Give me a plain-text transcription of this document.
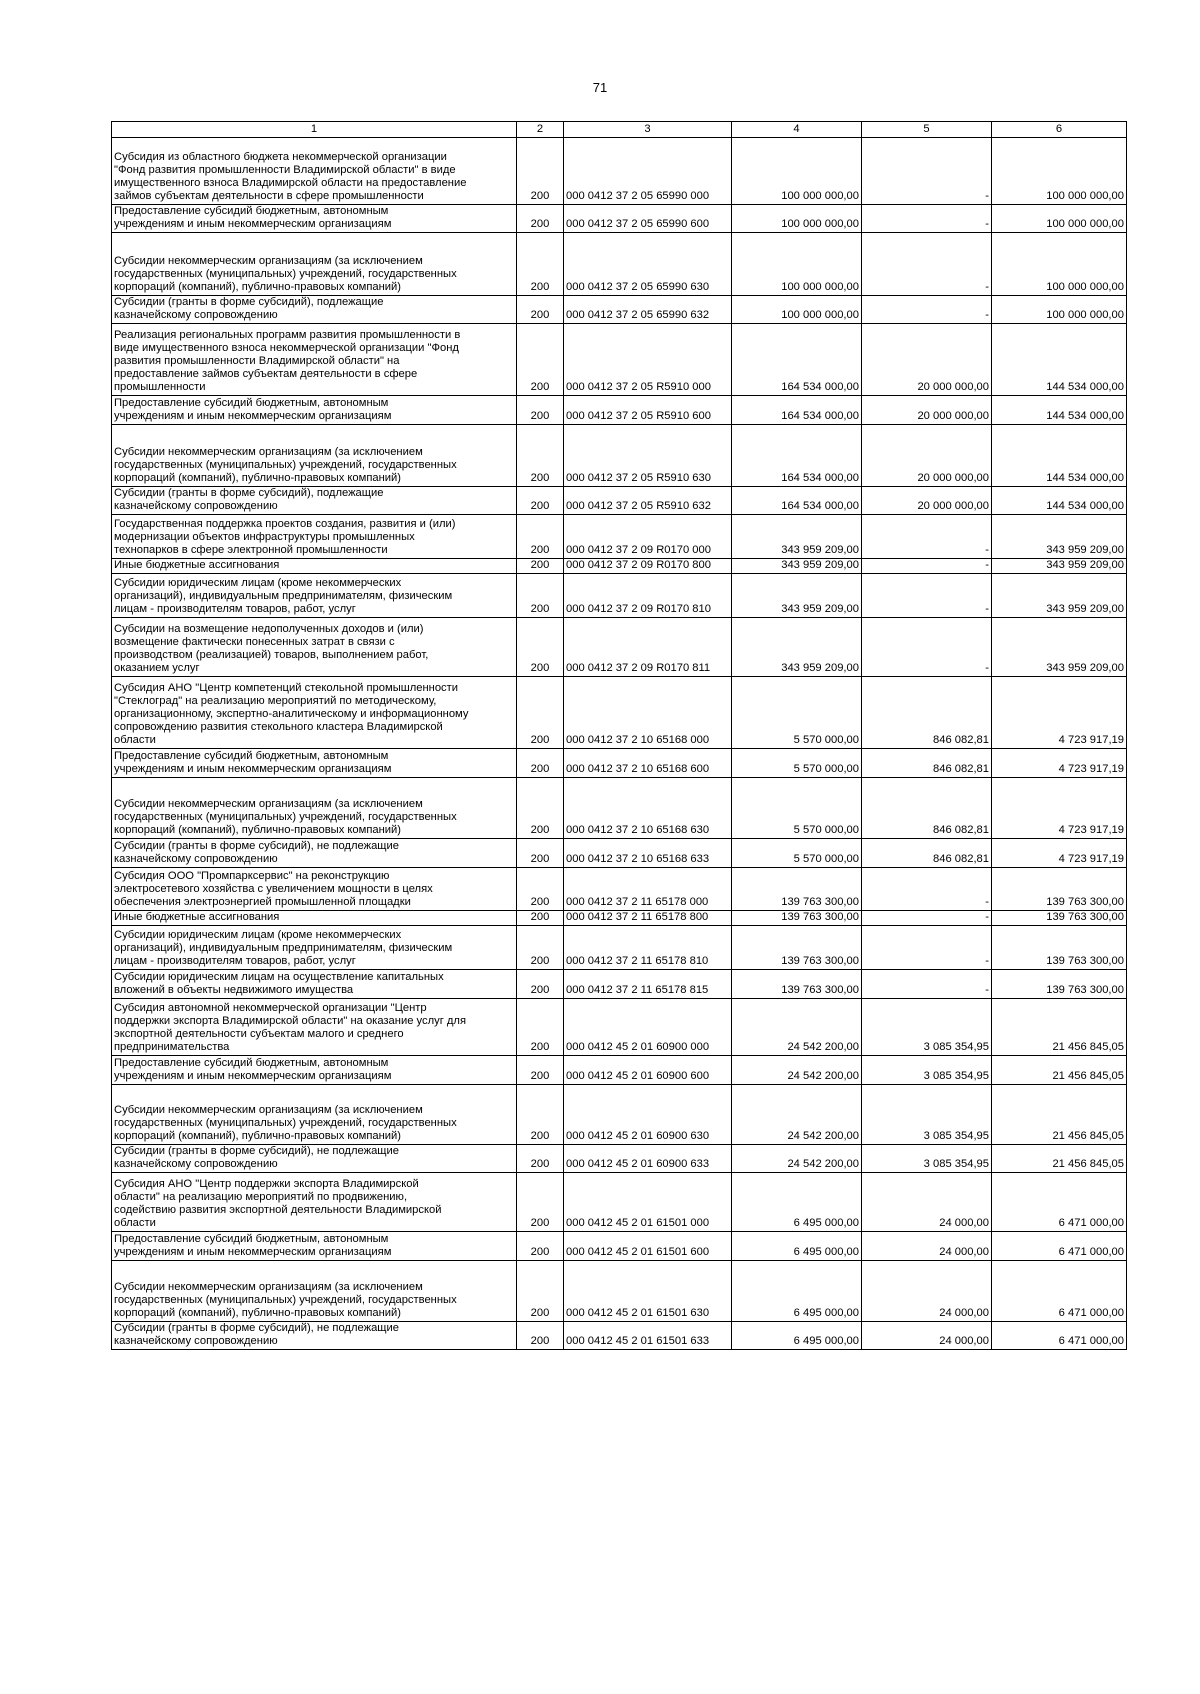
71
1	2	3	4	5	6
Субсидия из областного бюджета некоммерческой организации
"Фонд развития промышленности Владимирской области" в виде
имущественного взноса Владимирской области на предоставление
займов субъектам деятельности в сфере промышленности	200	000 0412 37 2 05 65990 000	100 000 000,00	-	100 000 000,00
Предоставление субсидий бюджетным, автономным
учреждениям и иным некоммерческим организациям	200	000 0412 37 2 05 65990 600	100 000 000,00	-	100 000 000,00
Субсидии некоммерческим организациям (за исключением
государственных (муниципальных) учреждений, государственных
корпораций (компаний), публично-правовых компаний)	200	000 0412 37 2 05 65990 630	100 000 000,00	-	100 000 000,00
Субсидии (гранты в форме субсидий), подлежащие
казначейскому сопровождению	200	000 0412 37 2 05 65990 632	100 000 000,00	-	100 000 000,00
Реализация региональных программ развития промышленности в
виде имущественного взноса некоммерческой организации "Фонд
развития промышленности Владимирской области" на
предоставление займов субъектам деятельности в сфере
промышленности	200	000 0412 37 2 05 R5910 000	164 534 000,00	20 000 000,00	144 534 000,00
Предоставление субсидий бюджетным, автономным
учреждениям и иным некоммерческим организациям	200	000 0412 37 2 05 R5910 600	164 534 000,00	20 000 000,00	144 534 000,00
Субсидии некоммерческим организациям (за исключением
государственных (муниципальных) учреждений, государственных
корпораций (компаний), публично-правовых компаний)	200	000 0412 37 2 05 R5910 630	164 534 000,00	20 000 000,00	144 534 000,00
Субсидии (гранты в форме субсидий), подлежащие
казначейскому сопровождению	200	000 0412 37 2 05 R5910 632	164 534 000,00	20 000 000,00	144 534 000,00
Государственная поддержка проектов создания, развития и (или)
модернизации объектов инфраструктуры промышленных
технопарков в сфере электронной промышленности	200	000 0412 37 2 09 R0170 000	343 959 209,00	-	343 959 209,00
Иные бюджетные ассигнования	200	000 0412 37 2 09 R0170 800	343 959 209,00	-	343 959 209,00
Субсидии юридическим лицам (кроме некоммерческих
организаций), индивидуальным предпринимателям, физическим
лицам - производителям товаров, работ, услуг	200	000 0412 37 2 09 R0170 810	343 959 209,00	-	343 959 209,00
Субсидии на возмещение недополученных доходов и (или)
возмещение фактически понесенных затрат в связи с
производством (реализацией) товаров, выполнением работ,
оказанием услуг	200	000 0412 37 2 09 R0170 811	343 959 209,00	-	343 959 209,00
Субсидия АНО "Центр компетенций стекольной промышленности
"Стеклоград" на реализацию мероприятий по методическому,
организационному, экспертно-аналитическому и информационному
сопровождению развития стекольного кластера Владимирской
области	200	000 0412 37 2 10 65168 000	5 570 000,00	846 082,81	4 723 917,19
Предоставление субсидий бюджетным, автономным
учреждениям и иным некоммерческим организациям	200	000 0412 37 2 10 65168 600	5 570 000,00	846 082,81	4 723 917,19
Субсидии некоммерческим организациям (за исключением
государственных (муниципальных) учреждений, государственных
корпораций (компаний), публично-правовых компаний)	200	000 0412 37 2 10 65168 630	5 570 000,00	846 082,81	4 723 917,19
Субсидии (гранты в форме субсидий), не подлежащие
казначейскому сопровождению	200	000 0412 37 2 10 65168 633	5 570 000,00	846 082,81	4 723 917,19
Субсидия ООО "Промпарксервис" на реконструкцию
электросетевого хозяйства с увеличением мощности в целях
обеспечения электроэнергией промышленной площадки	200	000 0412 37 2 11 65178 000	139 763 300,00	-	139 763 300,00
Иные бюджетные ассигнования	200	000 0412 37 2 11 65178 800	139 763 300,00	-	139 763 300,00
Субсидии юридическим лицам (кроме некоммерческих
организаций), индивидуальным предпринимателям, физическим
лицам - производителям товаров, работ, услуг	200	000 0412 37 2 11 65178 810	139 763 300,00	-	139 763 300,00
Субсидии юридическим лицам на осуществление капитальных
вложений в объекты недвижимого имущества	200	000 0412 37 2 11 65178 815	139 763 300,00	-	139 763 300,00
Субсидия автономной некоммерческой организации "Центр
поддержки экспорта Владимирской области" на оказание услуг для
экспортной деятельности субъектам малого и среднего
предпринимательства	200	000 0412 45 2 01 60900 000	24 542 200,00	3 085 354,95	21 456 845,05
Предоставление субсидий бюджетным, автономным
учреждениям и иным некоммерческим организациям	200	000 0412 45 2 01 60900 600	24 542 200,00	3 085 354,95	21 456 845,05
Субсидии некоммерческим организациям (за исключением
государственных (муниципальных) учреждений, государственных
корпораций (компаний), публично-правовых компаний)	200	000 0412 45 2 01 60900 630	24 542 200,00	3 085 354,95	21 456 845,05
Субсидии (гранты в форме субсидий), не подлежащие
казначейскому сопровождению	200	000 0412 45 2 01 60900 633	24 542 200,00	3 085 354,95	21 456 845,05
Субсидия АНО "Центр поддержки экспорта Владимирской
области" на реализацию мероприятий по продвижению,
содействию развития экспортной деятельности Владимирской
области	200	000 0412 45 2 01 61501 000	6 495 000,00	24 000,00	6 471 000,00
Предоставление субсидий бюджетным, автономным
учреждениям и иным некоммерческим организациям	200	000 0412 45 2 01 61501 600	6 495 000,00	24 000,00	6 471 000,00
Субсидии некоммерческим организациям (за исключением
государственных (муниципальных) учреждений, государственных
корпораций (компаний), публично-правовых компаний)	200	000 0412 45 2 01 61501 630	6 495 000,00	24 000,00	6 471 000,00
Субсидии (гранты в форме субсидий), не подлежащие
казначейскому сопровождению	200	000 0412 45 2 01 61501 633	6 495 000,00	24 000,00	6 471 000,00
